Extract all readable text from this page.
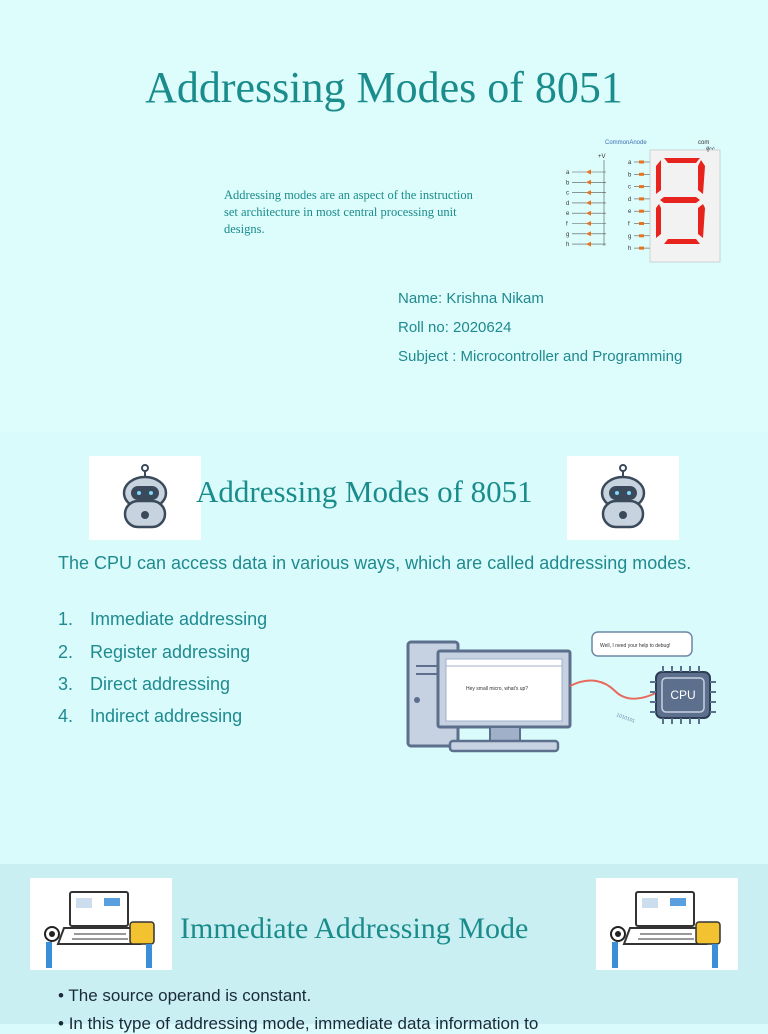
Addressing Modes of 8051
Addressing modes are an aspect of the instruction set architecture in most central processing unit designs.
CommonAnode	com
+V
a
b
c
d
e
f
g
h
a
b
c
d
e
f
g
h
Name: Krishna Nikam
Roll no: 2020624
Subject : Microcontroller and Programming
Addressing Modes of 8051
The CPU can access data in various ways, which are called addressing modes.
1. Immediate addressing
2. Register addressing
3. Direct addressing
4. Indirect addressing
Hey small micro, what's up?
Well, I need your help to debug!
CPU
1010101
Immediate Addressing Mode
• The source operand is constant.
• In this type of addressing mode, immediate data information to
